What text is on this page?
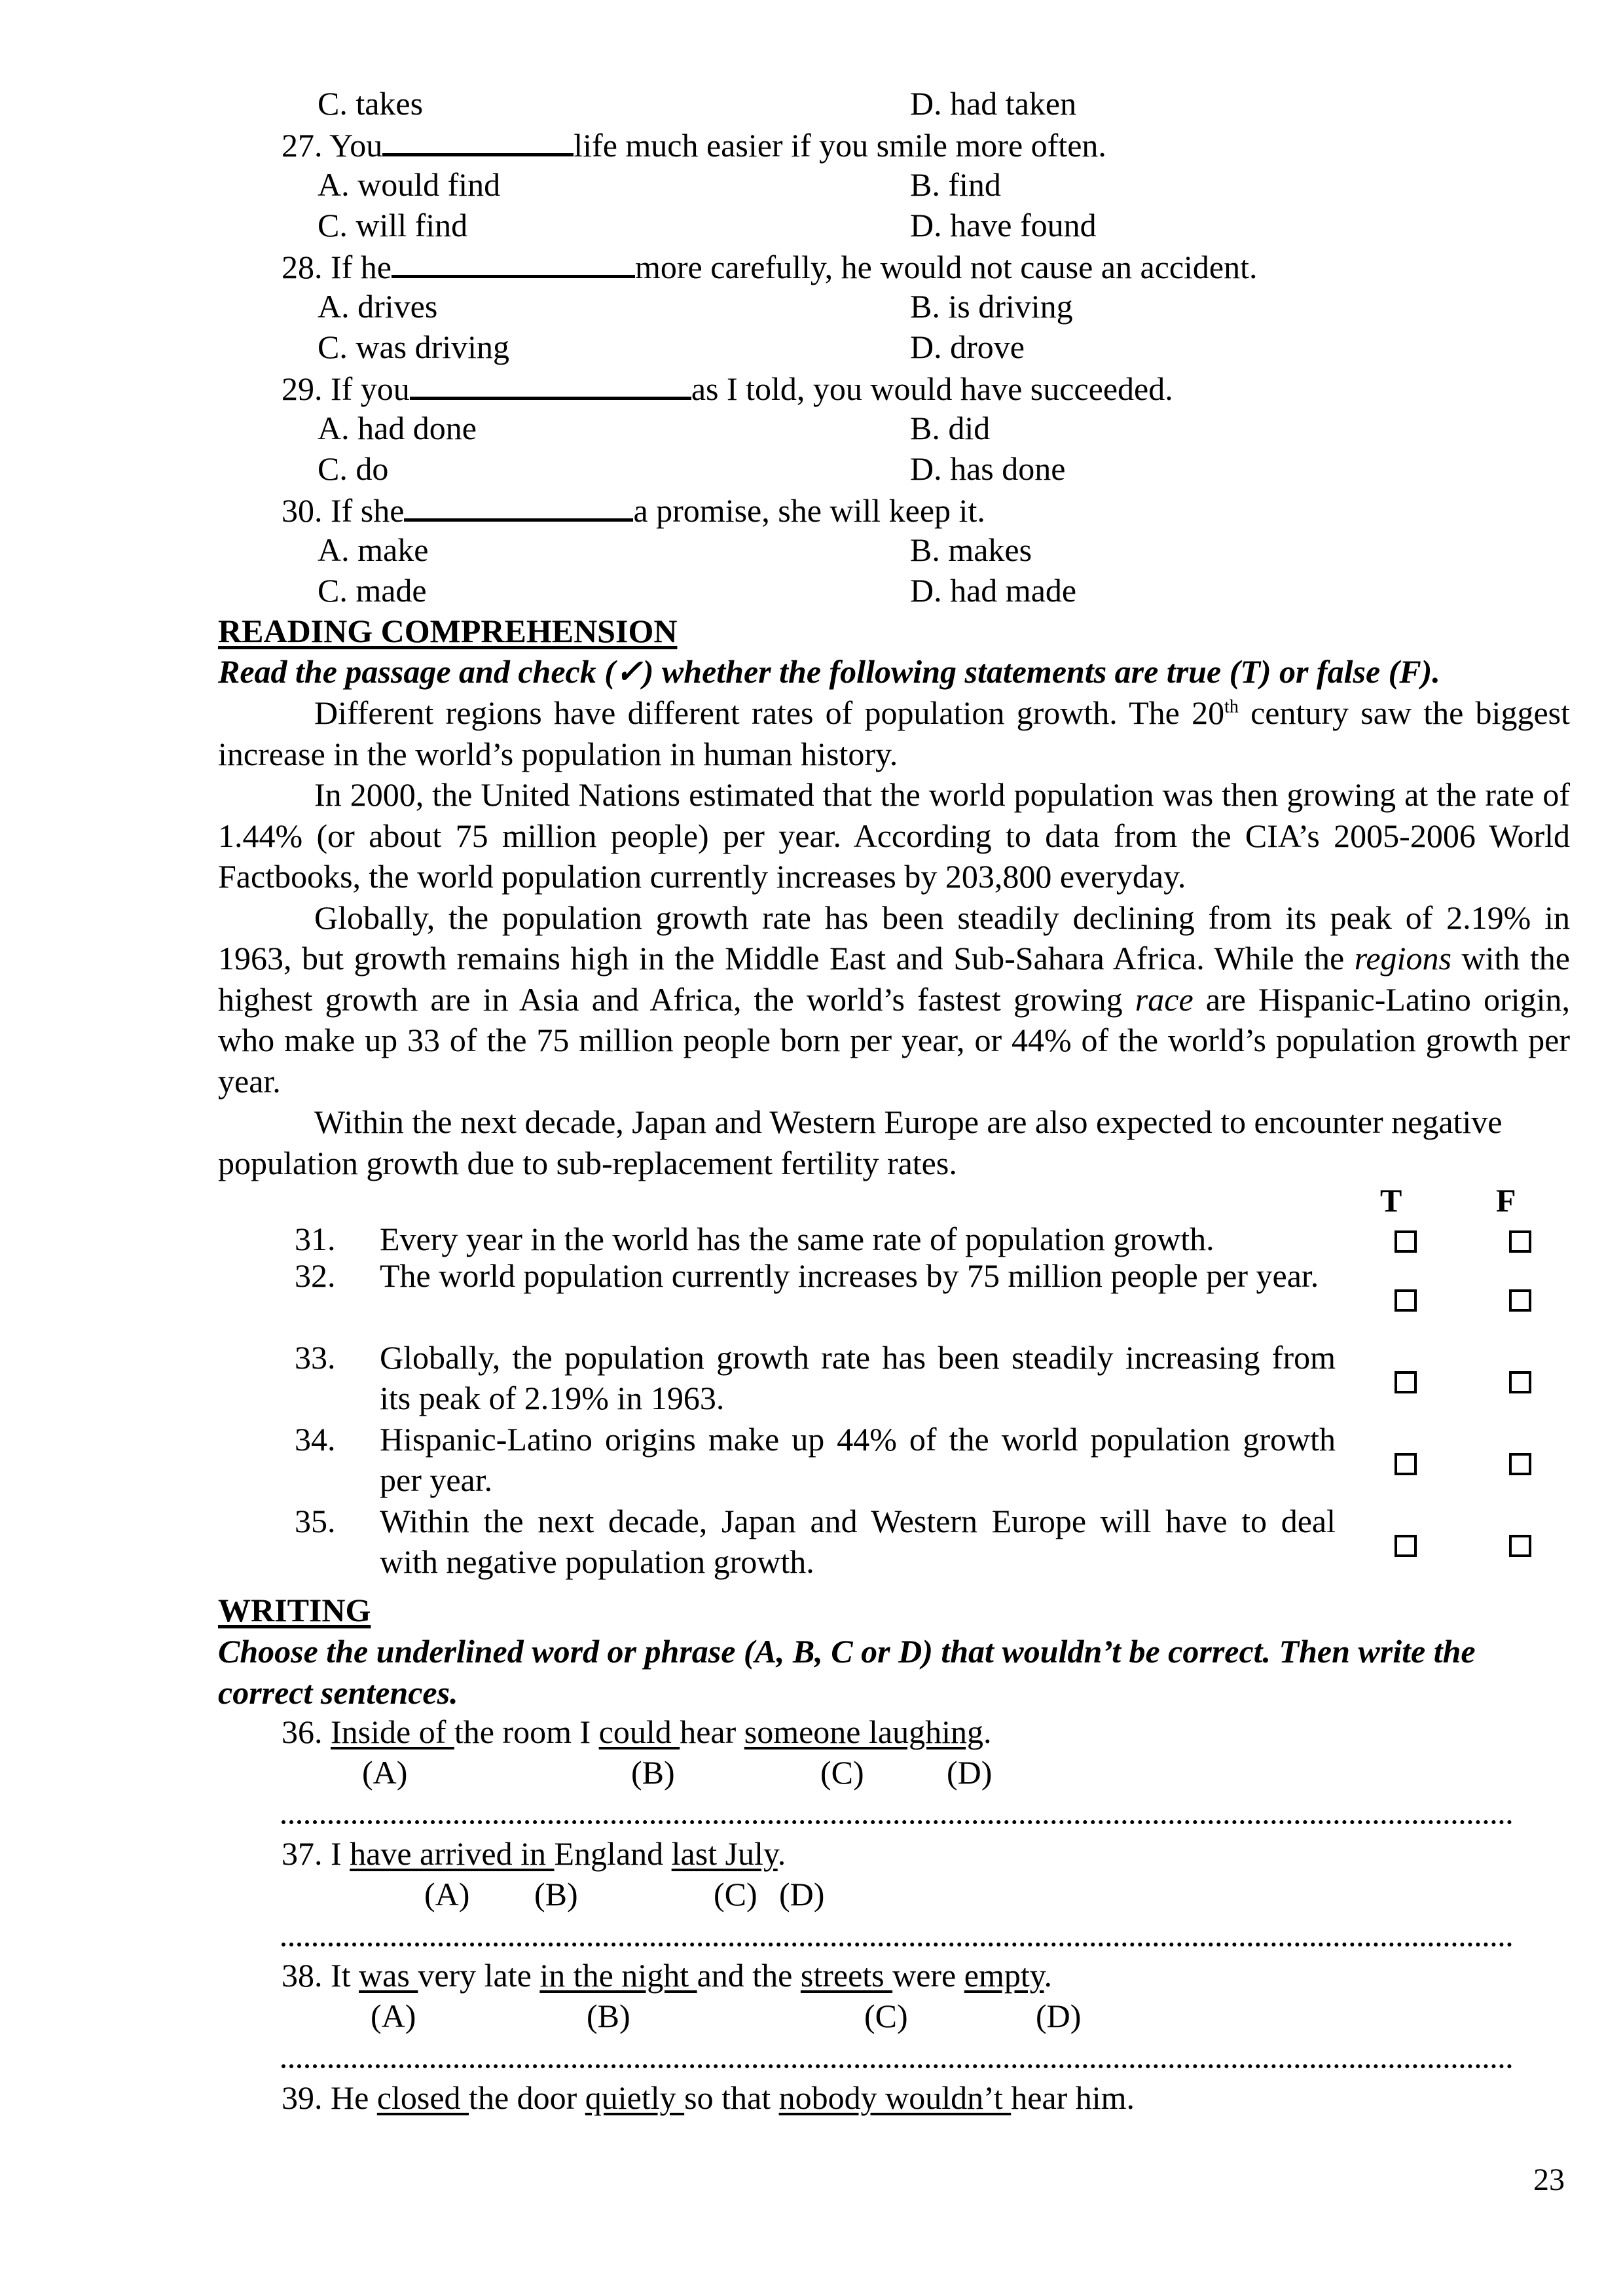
C. takes	D. had taken
27. You	life much easier if you smile more often.
A. would find	B. find
C. will find	D. have found
28. If he	more carefully, he would not cause an accident.
A. drives	B. is driving
C. was driving	D. drove
29. If you	as I told, you would have succeeded.
A. had done	B. did
C. do	D. has done
30. If she	a promise, she will keep it.
A. make	B. makes
C. made	D. had made
READING COMPREHENSION
Read the passage and check (✓) whether the following statements are true (T) or false (F).

Different regions have different rates of population growth. The 20th century saw the biggest increase in the world’s population in human history.

In 2000, the United Nations estimated that the world population was then growing at the rate of 1.44% (or about 75 million people) per year. According to data from the CIA’s 2005-2006 World Factbooks, the world population currently increases by 203,800 everyday.

Globally, the population growth rate has been steadily declining from its peak of 2.19% in 1963, but growth remains high in the Middle East and Sub-Sahara Africa. While the regions with the highest growth are in Asia and Africa, the world’s fastest growing race are Hispanic-Latino origin, who make up 33 of the 75 million people born per year, or 44% of the world’s population growth per year.

Within the next decade, Japan and Western Europe are also expected to encounter negative population growth due to sub-replacement fertility rates.

T	F
31.	Every year in the world has the same rate of population growth.
32.	The world population currently increases by 75 million people per year.
33.	Globally, the population growth rate has been steadily increasing from its peak of 2.19% in 1963.
34.	Hispanic-Latino origins make up 44% of the world population growth per year.
35.	Within the next decade, Japan and Western Europe will have to deal with negative population growth.
WRITING
Choose the underlined word or phrase (A, B, C or D) that wouldn’t be correct. Then write the correct sentences.
36. Inside of the room I could hear someone laughing.
(A)	(B)	(C)	(D)
37. I have arrived in England last July.
(A) (B)	(C) (D)
38. It was very late in the night and the streets were empty.
(A)	(B)	(C)	(D)
39. He closed the door quietly so that nobody wouldn’t hear him.
23
